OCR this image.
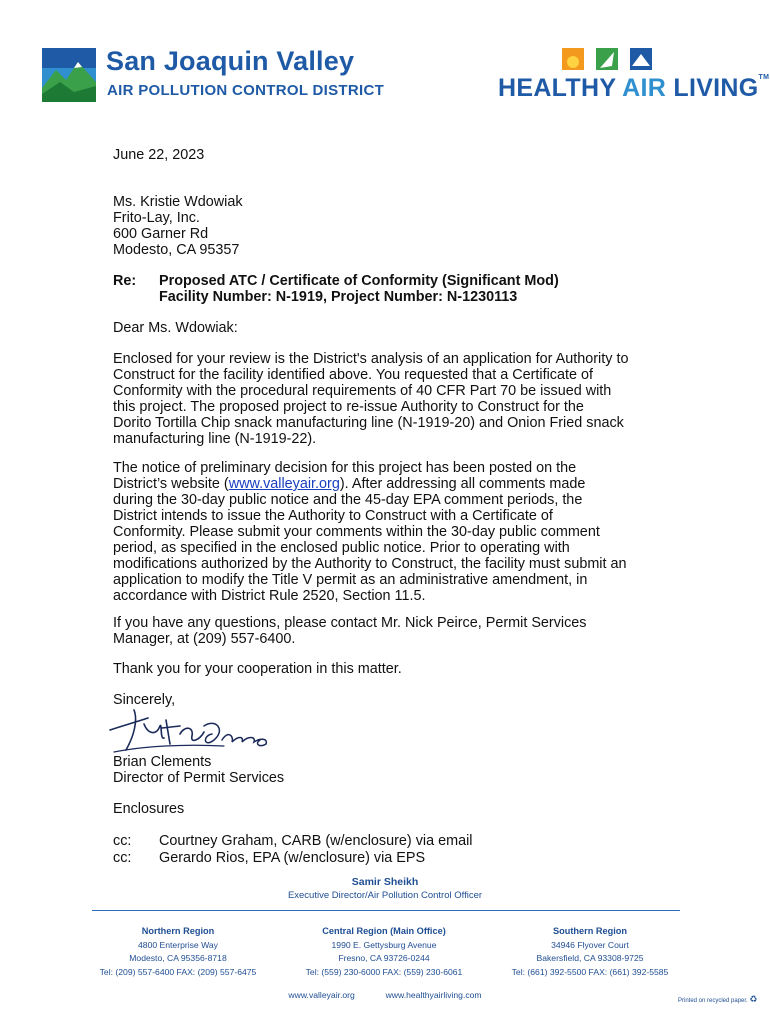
San Joaquin Valley
AIR POLLUTION CONTROL DISTRICT	HEALTHY AIR LIVING™
June 22, 2023
Ms. Kristie Wdowiak
Frito-Lay, Inc.
600 Garner Rd
Modesto, CA 95357
Re:	Proposed ATC / Certificate of Conformity (Significant Mod)
Facility Number: N-1919, Project Number: N-1230113
Dear Ms. Wdowiak:
Enclosed for your review is the District's analysis of an application for Authority to
Construct for the facility identified above. You requested that a Certificate of
Conformity with the procedural requirements of 40 CFR Part 70 be issued with
this project. The proposed project to re-issue Authority to Construct for the
Dorito Tortilla Chip snack manufacturing line (N-1919-20) and Onion Fried snack
manufacturing line (N-1919-22).
The notice of preliminary decision for this project has been posted on the
District’s website (www.valleyair.org). After addressing all comments made
during the 30-day public notice and the 45-day EPA comment periods, the
District intends to issue the Authority to Construct with a Certificate of
Conformity. Please submit your comments within the 30-day public comment
period, as specified in the enclosed public notice. Prior to operating with
modifications authorized by the Authority to Construct, the facility must submit an
application to modify the Title V permit as an administrative amendment, in
accordance with District Rule 2520, Section 11.5.
If you have any questions, please contact Mr. Nick Peirce, Permit Services
Manager, at (209) 557-6400.
Thank you for your cooperation in this matter.
Sincerely,
Brian Clements
Director of Permit Services
Enclosures
cc:	Courtney Graham, CARB (w/enclosure) via email
cc:	Gerardo Rios, EPA (w/enclosure) via EPS
Samir Sheikh
Executive Director/Air Pollution Control Officer
Northern Region
4800 Enterprise Way
Modesto, CA 95356-8718
Tel: (209) 557-6400 FAX: (209) 557-6475
Central Region (Main Office)
1990 E. Gettysburg Avenue
Fresno, CA 93726-0244
Tel: (559) 230-6000 FAX: (559) 230-6061
Southern Region
34946 Flyover Court
Bakersfield, CA 93308-9725
Tel: (661) 392-5500 FAX: (661) 392-5585
www.valleyair.org	www.healthyairliving.com
Printed on recycled paper. ♻
